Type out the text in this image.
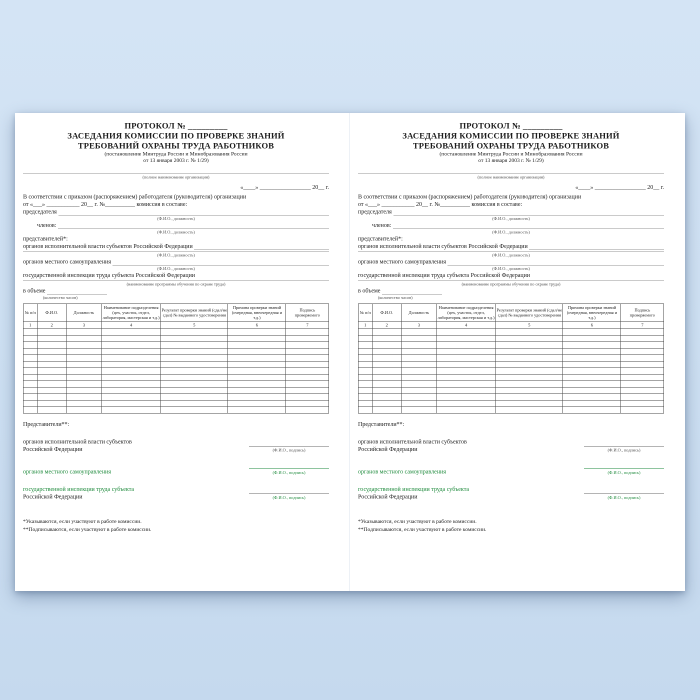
ПРОТОКОЛ № _________
ЗАСЕДАНИЯ КОМИССИИ ПО ПРОВЕРКЕ ЗНАНИЙ
ТРЕБОВАНИЙ ОХРАНЫ ТРУДА РАБОТНИКОВ
(постановление Минтруда России и Минобразования России
от 13 января 2003 г. № 1/29)
(полное наименование организации)
«____» _________________ 20__ г.
В соответствии с приказом (распоряжением) работодателя (руководителя) организации
от «___» ___________ 20__ г. №__________ комиссия в составе:
председателя
(Ф.И.О., должность)
членов:
(Ф.И.О., должность)
представителей*:
органов исполнительной власти субъектов Российской Федерации
(Ф.И.О., должность)
органов местного самоуправления
(Ф.И.О., должность)
государственной инспекции труда субъекта Российской Федерации
(наименование программы обучения по охране труда)
в объеме
(количество часов)
№ п/п	Ф.И.О.	Должность	Наименование подразделения (цех, участок, отдел, лаборатория, мастерская и т.д.)	Результат проверки знаний (сдал/не сдал) № выданного удостоверения	Причина проверки знаний (очередная, внеочередная и т.д.)	Подпись проверяемого
1	2	3	4	5	6	7

Представители**:
органов исполнительной власти субъектов
Российской Федерации	(Ф.И.О., подпись)
органов местного самоуправления	(Ф.И.О., подпись)
государственной инспекции труда субъекта
Российской Федерации	(Ф.И.О., подпись)
*Указываются, если участвуют в работе комиссии.
**Подписываются, если участвуют в работе комиссии.
ПРОТОКОЛ № _________
ЗАСЕДАНИЯ КОМИССИИ ПО ПРОВЕРКЕ ЗНАНИЙ
ТРЕБОВАНИЙ ОХРАНЫ ТРУДА РАБОТНИКОВ
(постановление Минтруда России и Минобразования России
от 13 января 2003 г. № 1/29)
(полное наименование организации)
«____» _________________ 20__ г.
В соответствии с приказом (распоряжением) работодателя (руководителя) организации
от «___» ___________ 20__ г. №__________ комиссия в составе:
председателя
(Ф.И.О., должность)
членов:
(Ф.И.О., должность)
представителей*:
органов исполнительной власти субъектов Российской Федерации
(Ф.И.О., должность)
органов местного самоуправления
(Ф.И.О., должность)
государственной инспекции труда субъекта Российской Федерации
(наименование программы обучения по охране труда)
в объеме
(количество часов)
№ п/п	Ф.И.О.	Должность	Наименование подразделения (цех, участок, отдел, лаборатория, мастерская и т.д.)	Результат проверки знаний (сдал/не сдал) № выданного удостоверения	Причина проверки знаний (очередная, внеочередная и т.д.)	Подпись проверяемого
1	2	3	4	5	6	7

Представители**:
органов исполнительной власти субъектов
Российской Федерации	(Ф.И.О., подпись)
органов местного самоуправления	(Ф.И.О., подпись)
государственной инспекции труда субъекта
Российской Федерации	(Ф.И.О., подпись)
*Указываются, если участвуют в работе комиссии.
**Подписываются, если участвуют в работе комиссии.
